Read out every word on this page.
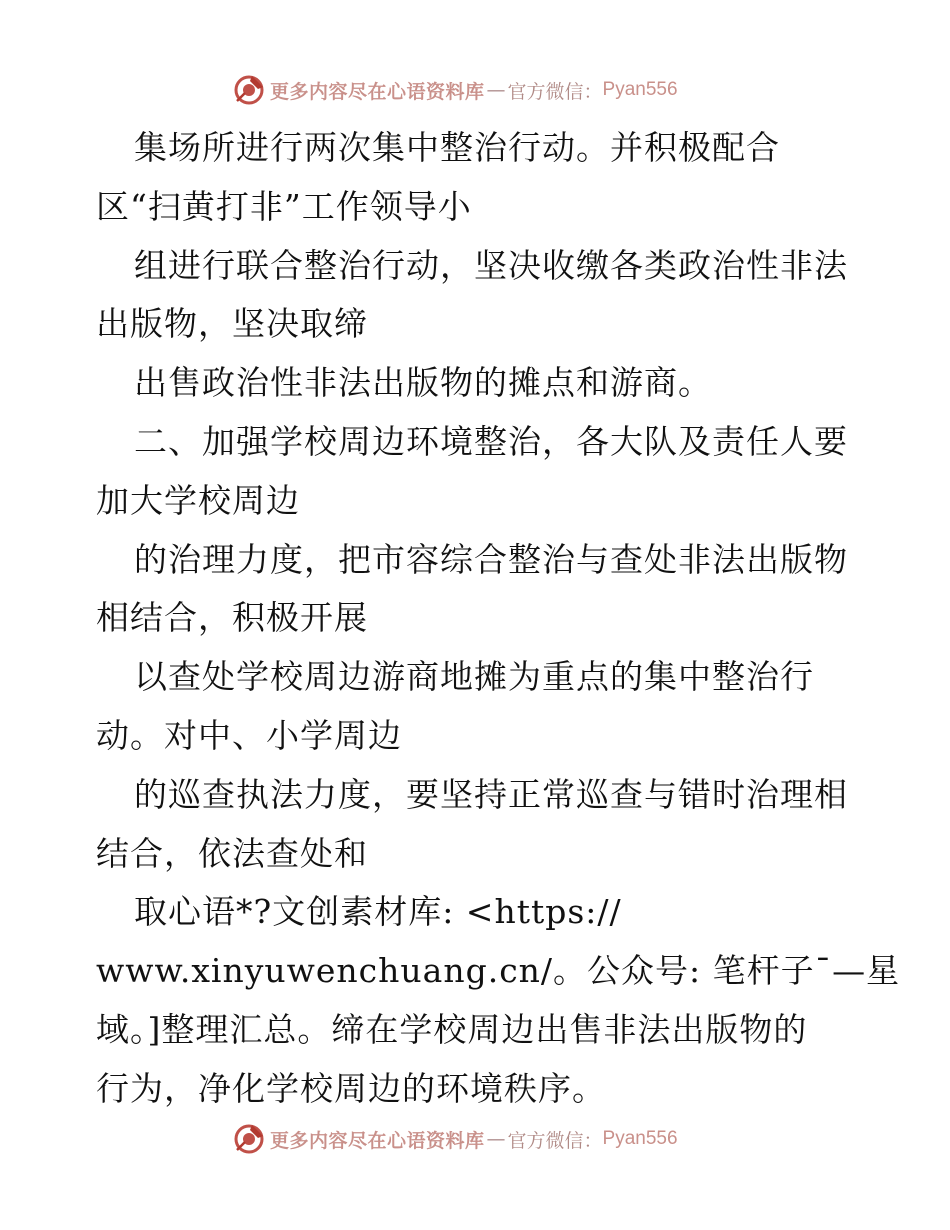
更多内容尽在心语资料库 — 官方微信： Pyan556
集场所进行两次集中整治行动。并积极配合
区“扫黄打非”工作领导小
组进行联合整治行动，坚决收缴各类政治性非法
出版物，坚决取缔
出售政治性非法出版物的摊点和游商。
二、加强学校周边环境整治，各大队及责任人要
加大学校周边
的治理力度，把市容综合整治与查处非法出版物
相结合，积极开展
以查处学校周边游商地摊为重点的集中整治行
动。对中、小学周边
的巡查执法力度，要坚持正常巡查与错时治理相
结合，依法查处和
取心语*?文创素材库: <https://
www.xinyuwenchuang.cn/。公众号: 笔杆子¯—星
域。]整理汇总。缔在学校周边出售非法出版物的
行为，净化学校周边的环境秩序。
更多内容尽在心语资料库 — 官方微信： Pyan556
